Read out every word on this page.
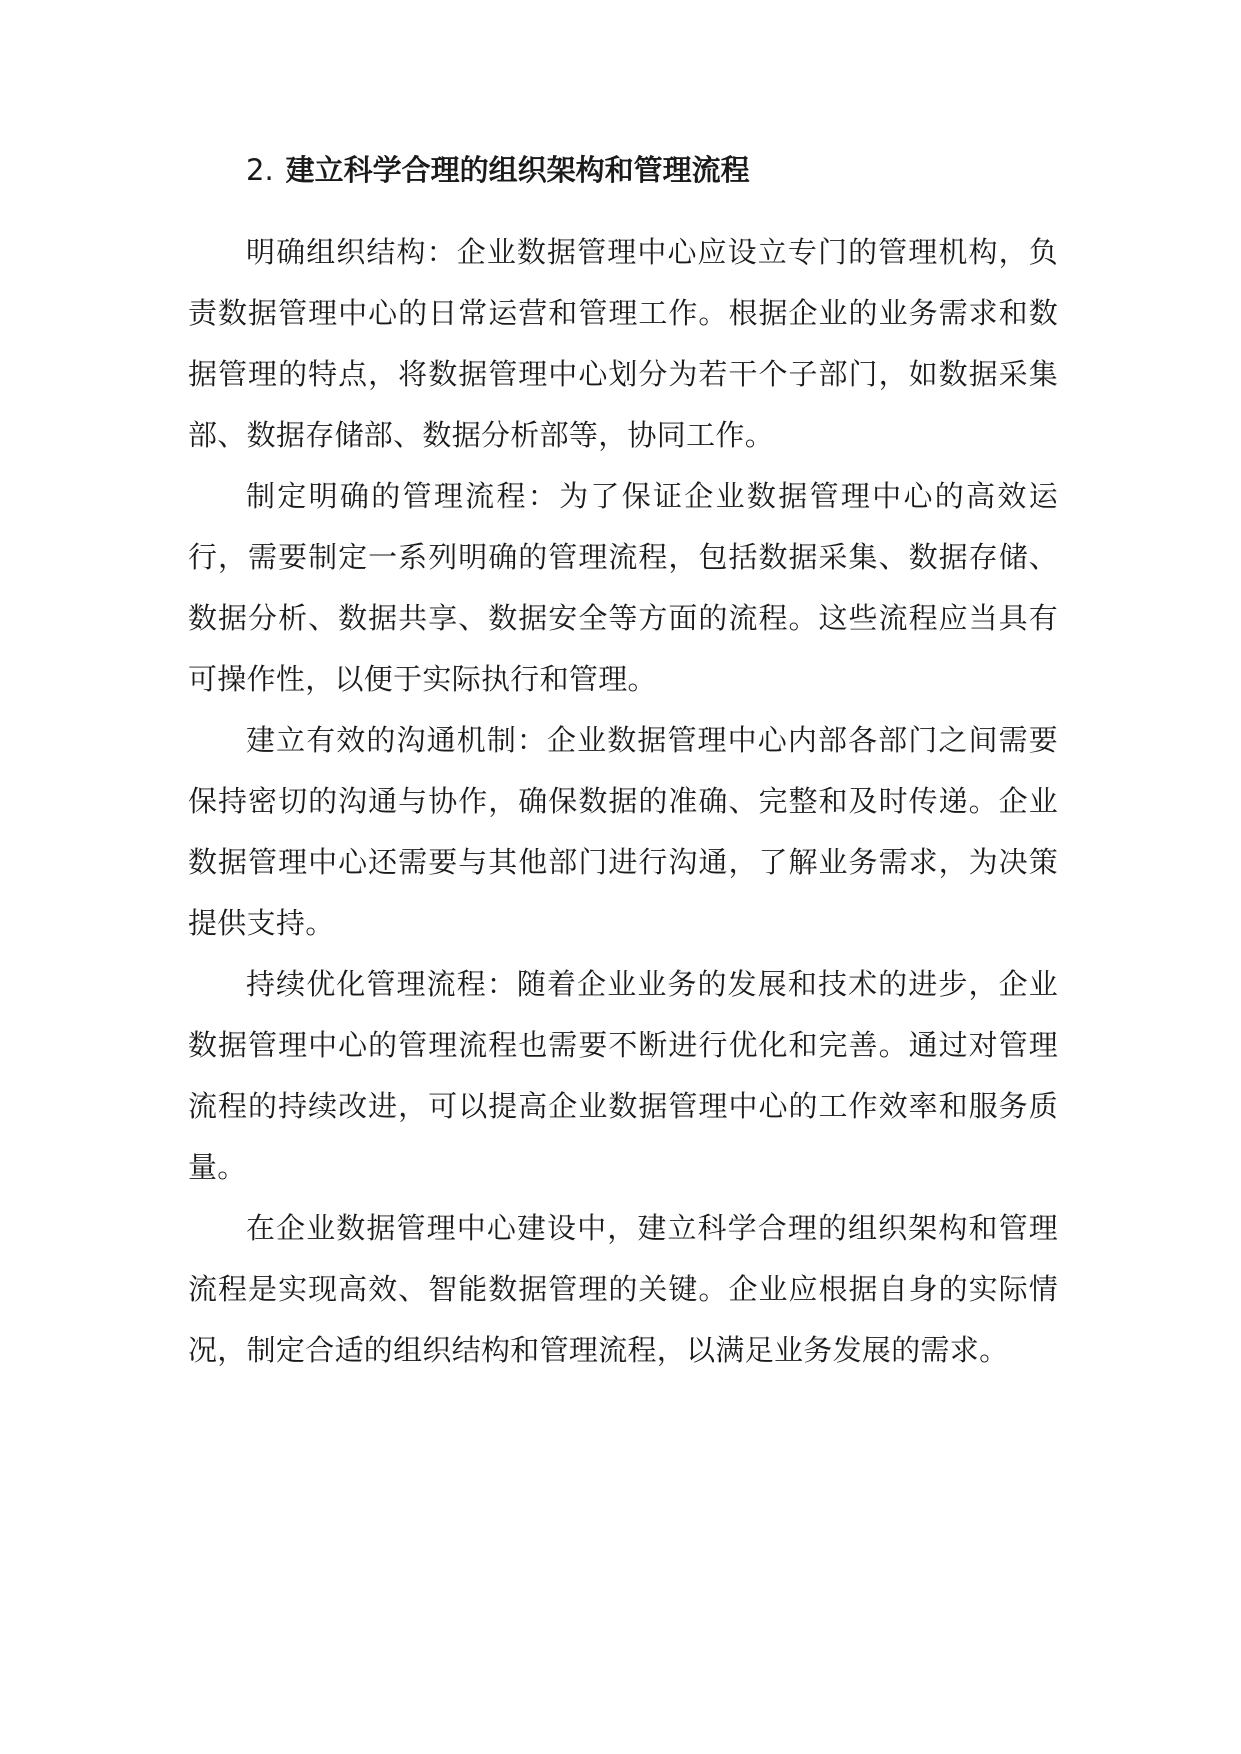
2. 建立科学合理的组织架构和管理流程

明确组织结构：企业数据管理中心应设立专门的管理机构，负责数据管理中心的日常运营和管理工作。根据企业的业务需求和数据管理的特点，将数据管理中心划分为若干个子部门，如数据采集部、数据存储部、数据分析部等，协同工作。

制定明确的管理流程：为了保证企业数据管理中心的高效运行，需要制定一系列明确的管理流程，包括数据采集、数据存储、数据分析、数据共享、数据安全等方面的流程。这些流程应当具有可操作性，以便于实际执行和管理。

建立有效的沟通机制：企业数据管理中心内部各部门之间需要保持密切的沟通与协作，确保数据的准确、完整和及时传递。企业数据管理中心还需要与其他部门进行沟通，了解业务需求，为决策提供支持。

持续优化管理流程：随着企业业务的发展和技术的进步，企业数据管理中心的管理流程也需要不断进行优化和完善。通过对管理流程的持续改进，可以提高企业数据管理中心的工作效率和服务质量。

在企业数据管理中心建设中，建立科学合理的组织架构和管理流程是实现高效、智能数据管理的关键。企业应根据自身的实际情况，制定合适的组织结构和管理流程，以满足业务发展的需求。
